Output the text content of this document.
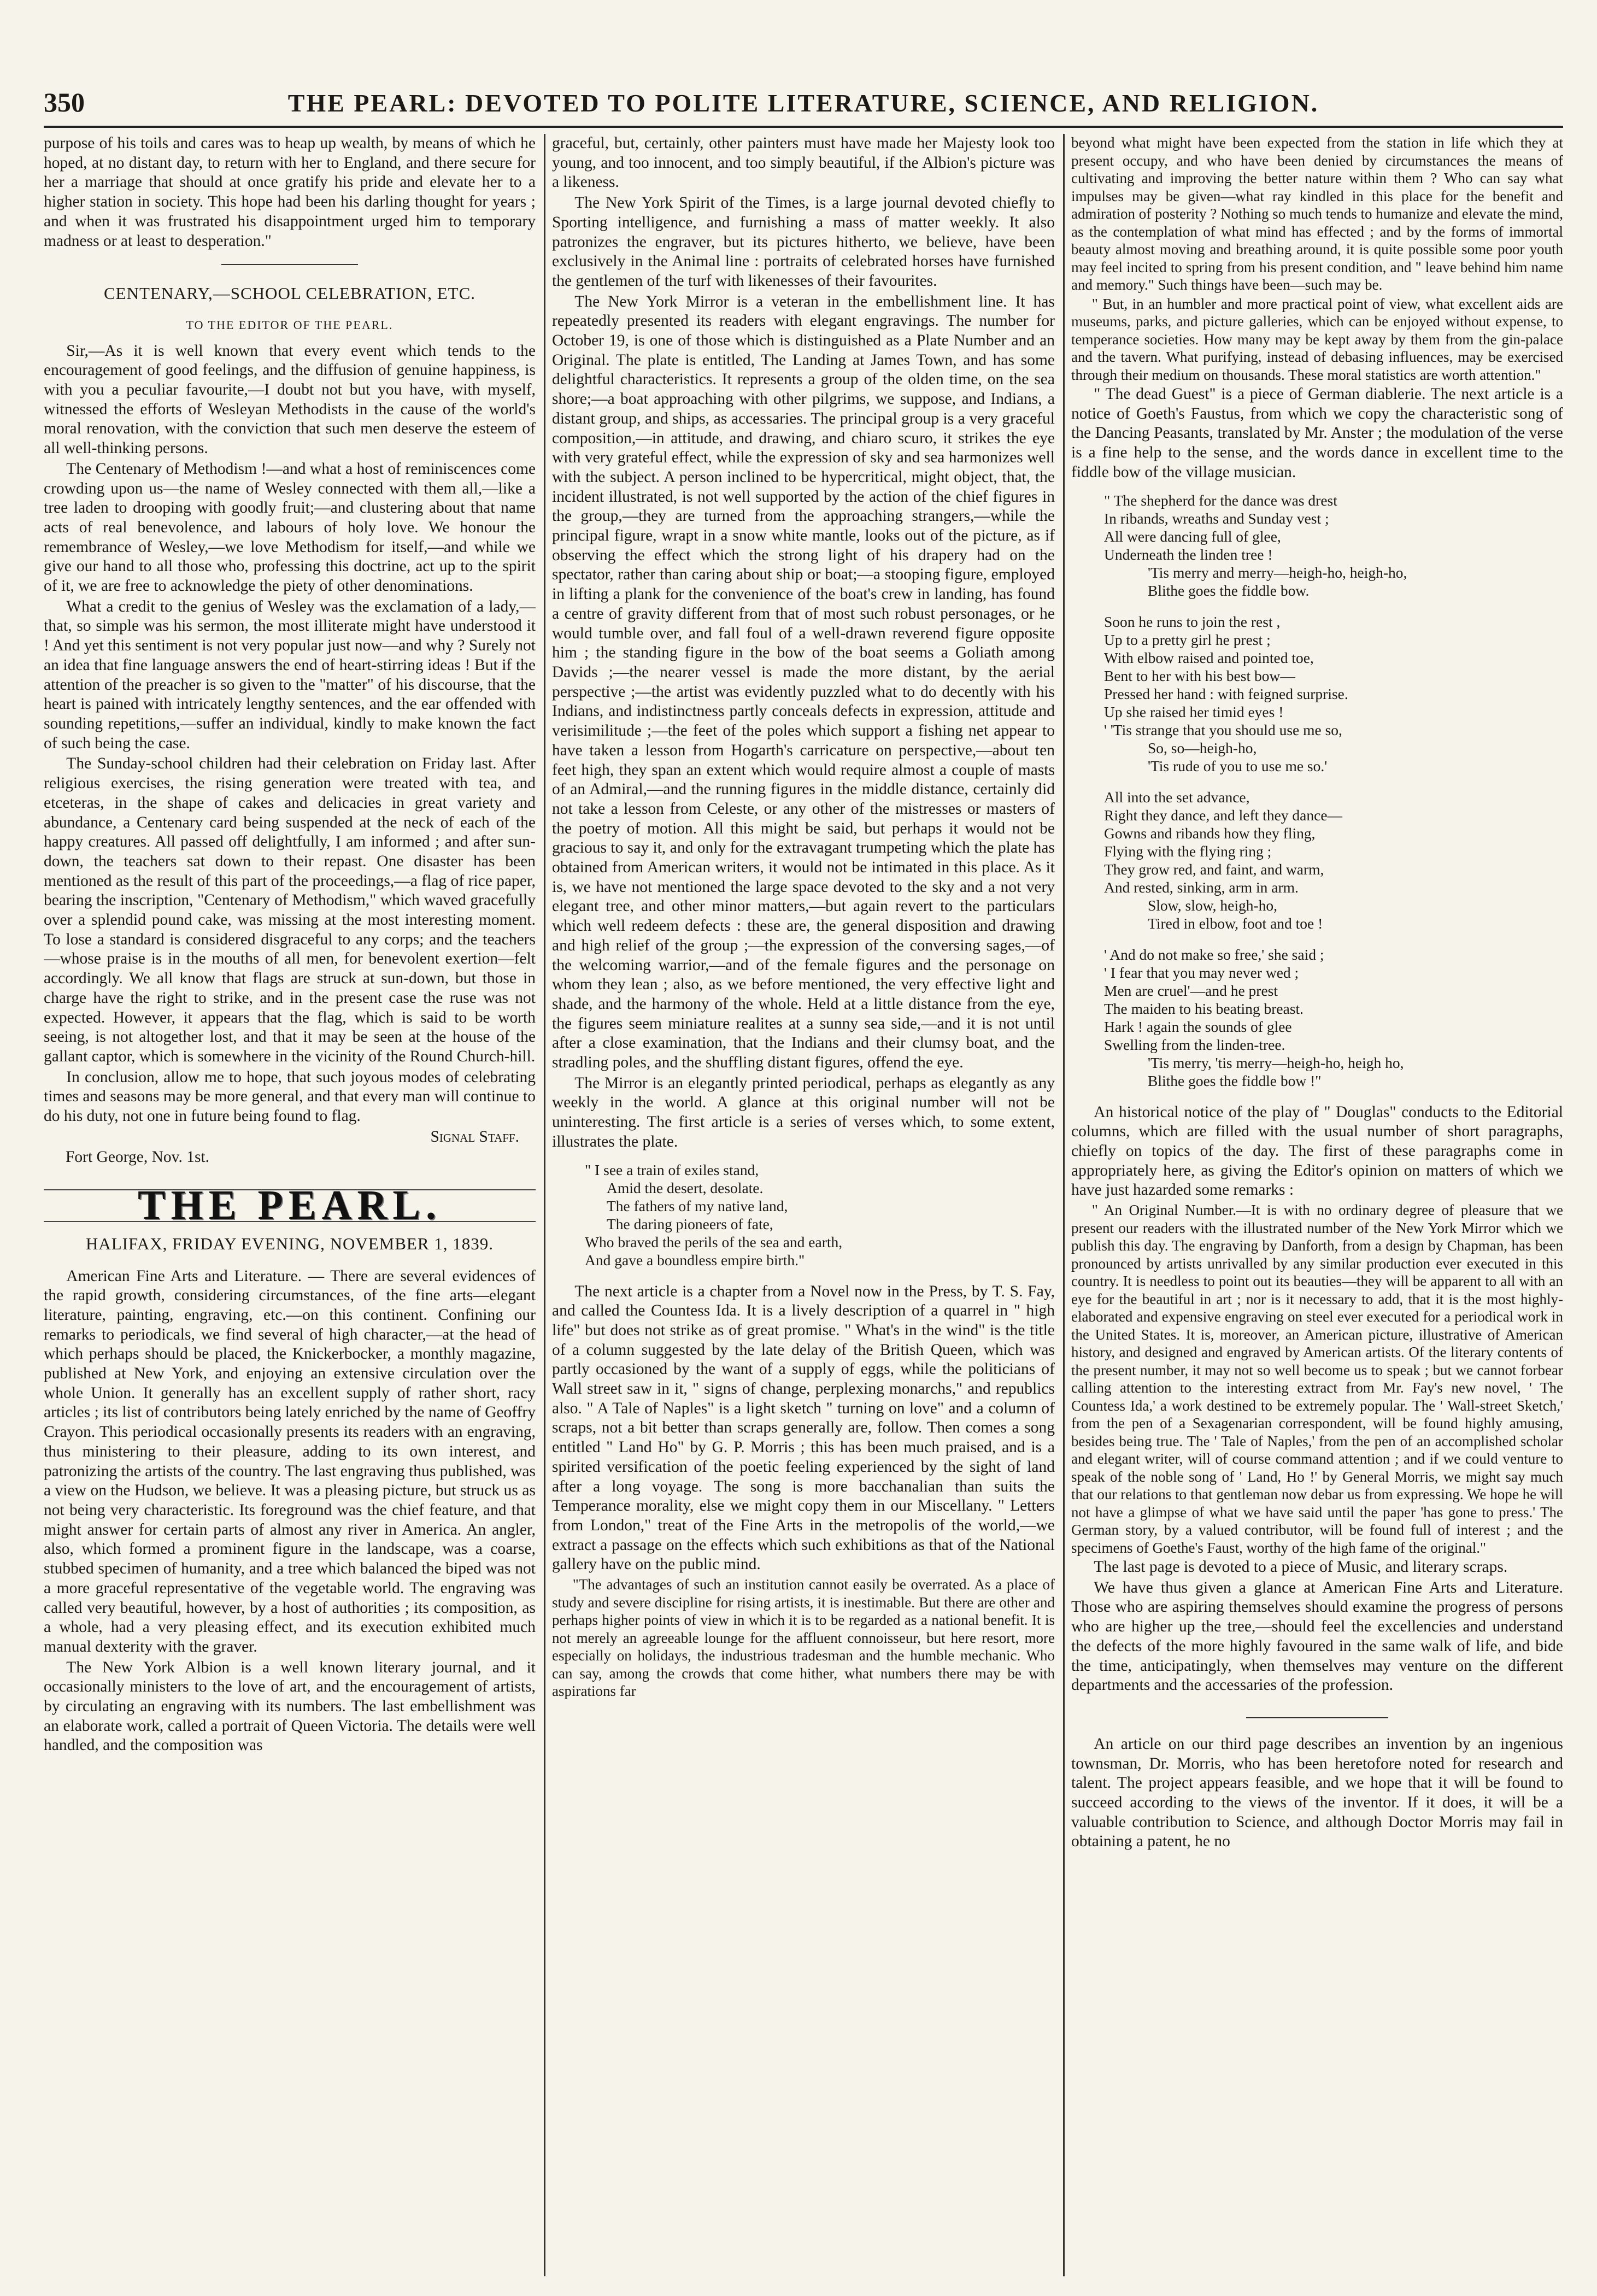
350	THE PEARL: DEVOTED TO POLITE LITERATURE, SCIENCE, AND RELIGION.

purpose of his toils and cares was to heap up wealth, by means of which he hoped, at no distant day, to return with her to England, and there secure for her a marriage that should at once gratify his pride and elevate her to a higher station in society. This hope had been his darling thought for years ; and when it was frustrated his disappointment urged him to temporary madness or at least to desperation."

CENTENARY,—SCHOOL CELEBRATION, ETC.

TO THE EDITOR OF THE PEARL.

Sir,—As it is well known that every event which tends to the encouragement of good feelings, and the diffusion of genuine happiness, is with you a peculiar favourite,—I doubt not but you have, with myself, witnessed the efforts of Wesleyan Methodists in the cause of the world's moral renovation, with the conviction that such men deserve the esteem of all well-thinking persons.

The Centenary of Methodism !—and what a host of reminiscences come crowding upon us—the name of Wesley connected with them all,—like a tree laden to drooping with goodly fruit;—and clustering about that name acts of real benevolence, and labours of holy love. We honour the remembrance of Wesley,—we love Methodism for itself,—and while we give our hand to all those who, professing this doctrine, act up to the spirit of it, we are free to acknowledge the piety of other denominations.

What a credit to the genius of Wesley was the exclamation of a lady,—that, so simple was his sermon, the most illiterate might have understood it ! And yet this sentiment is not very popular just now—and why ? Surely not an idea that fine language answers the end of heart-stirring ideas ! But if the attention of the preacher is so given to the "matter" of his discourse, that the heart is pained with intricately lengthy sentences, and the ear offended with sounding repetitions,—suffer an individual, kindly to make known the fact of such being the case.

The Sunday-school children had their celebration on Friday last. After religious exercises, the rising generation were treated with tea, and etceteras, in the shape of cakes and delicacies in great variety and abundance, a Centenary card being suspended at the neck of each of the happy creatures. All passed off delightfully, I am informed ; and after sun-down, the teachers sat down to their repast. One disaster has been mentioned as the result of this part of the proceedings,—a flag of rice paper, bearing the inscription, "Centenary of Methodism," which waved gracefully over a splendid pound cake, was missing at the most interesting moment. To lose a standard is considered disgraceful to any corps; and the teachers—whose praise is in the mouths of all men, for benevolent exertion—felt accordingly. We all know that flags are struck at sun-down, but those in charge have the right to strike, and in the present case the ruse was not expected. However, it appears that the flag, which is said to be worth seeing, is not altogether lost, and that it may be seen at the house of the gallant captor, which is somewhere in the vicinity of the Round Church-hill.

In conclusion, allow me to hope, that such joyous modes of celebrating times and seasons may be more general, and that every man will continue to do his duty, not one in future being found to flag.

Signal Staff.

Fort George, Nov. 1st.

THE PEARL.

HALIFAX, FRIDAY EVENING, NOVEMBER 1, 1839.

American Fine Arts and Literature. — There are several evidences of the rapid growth, considering circumstances, of the fine arts—elegant literature, painting, engraving, etc.—on this continent. Confining our remarks to periodicals, we find several of high character,—at the head of which perhaps should be placed, the Knickerbocker, a monthly magazine, published at New York, and enjoying an extensive circulation over the whole Union. It generally has an excellent supply of rather short, racy articles ; its list of contributors being lately enriched by the name of Geoffry Crayon. This periodical occasionally presents its readers with an engraving, thus ministering to their pleasure, adding to its own interest, and patronizing the artists of the country. The last engraving thus published, was a view on the Hudson, we believe. It was a pleasing picture, but struck us as not being very characteristic. Its foreground was the chief feature, and that might answer for certain parts of almost any river in America. An angler, also, which formed a prominent figure in the landscape, was a coarse, stubbed specimen of humanity, and a tree which balanced the biped was not a more graceful representative of the vegetable world. The engraving was called very beautiful, however, by a host of authorities ; its composition, as a whole, had a very pleasing effect, and its execution exhibited much manual dexterity with the graver.

The New York Albion is a well known literary journal, and it occasionally ministers to the love of art, and the encouragement of artists, by circulating an engraving with its numbers. The last embellishment was an elaborate work, called a portrait of Queen Victoria. The details were well handled, and the composition was

graceful, but, certainly, other painters must have made her Majesty look too young, and too innocent, and too simply beautiful, if the Albion's picture was a likeness.

The New York Spirit of the Times, is a large journal devoted chiefly to Sporting intelligence, and furnishing a mass of matter weekly. It also patronizes the engraver, but its pictures hitherto, we believe, have been exclusively in the Animal line : portraits of celebrated horses have furnished the gentlemen of the turf with likenesses of their favourites.

The New York Mirror is a veteran in the embellishment line. It has repeatedly presented its readers with elegant engravings. The number for October 19, is one of those which is distinguished as a Plate Number and an Original. The plate is entitled, The Landing at James Town, and has some delightful characteristics. It represents a group of the olden time, on the sea shore;—a boat approaching with other pilgrims, we suppose, and Indians, a distant group, and ships, as accessaries. The principal group is a very graceful composition,—in attitude, and drawing, and chiaro scuro, it strikes the eye with very grateful effect, while the expression of sky and sea harmonizes well with the subject. A person inclined to be hypercritical, might object, that, the incident illustrated, is not well supported by the action of the chief figures in the group,—they are turned from the approaching strangers,—while the principal figure, wrapt in a snow white mantle, looks out of the picture, as if observing the effect which the strong light of his drapery had on the spectator, rather than caring about ship or boat;—a stooping figure, employed in lifting a plank for the convenience of the boat's crew in landing, has found a centre of gravity different from that of most such robust personages, or he would tumble over, and fall foul of a well-drawn reverend figure opposite him ; the standing figure in the bow of the boat seems a Goliath among Davids ;—the nearer vessel is made the more distant, by the aerial perspective ;—the artist was evidently puzzled what to do decently with his Indians, and indistinctness partly conceals defects in expression, attitude and verisimilitude ;—the feet of the poles which support a fishing net appear to have taken a lesson from Hogarth's carricature on perspective,—about ten feet high, they span an extent which would require almost a couple of masts of an Admiral,—and the running figures in the middle distance, certainly did not take a lesson from Celeste, or any other of the mistresses or masters of the poetry of motion. All this might be said, but perhaps it would not be gracious to say it, and only for the extravagant trumpeting which the plate has obtained from American writers, it would not be intimated in this place. As it is, we have not mentioned the large space devoted to the sky and a not very elegant tree, and other minor matters,—but again revert to the particulars which well redeem defects : these are, the general disposition and drawing and high relief of the group ;—the expression of the conversing sages,—of the welcoming warrior,—and of the female figures and the personage on whom they lean ; also, as we before mentioned, the very effective light and shade, and the harmony of the whole. Held at a little distance from the eye, the figures seem miniature realites at a sunny sea side,—and it is not until after a close examination, that the Indians and their clumsy boat, and the stradling poles, and the shuffling distant figures, offend the eye.

The Mirror is an elegantly printed periodical, perhaps as elegantly as any weekly in the world. A glance at this original number will not be uninteresting. The first article is a series of verses which, to some extent, illustrates the plate.

" I see a train of exiles stand,
Amid the desert, desolate.
The fathers of my native land,
The daring pioneers of fate,
Who braved the perils of the sea and earth,
And gave a boundless empire birth."

The next article is a chapter from a Novel now in the Press, by T. S. Fay, and called the Countess Ida. It is a lively description of a quarrel in " high life" but does not strike as of great promise. " What's in the wind" is the title of a column suggested by the late delay of the British Queen, which was partly occasioned by the want of a supply of eggs, while the politicians of Wall street saw in it, " signs of change, perplexing monarchs," and republics also. " A Tale of Naples" is a light sketch " turning on love" and a column of scraps, not a bit better than scraps generally are, follow. Then comes a song entitled " Land Ho" by G. P. Morris ; this has been much praised, and is a spirited versification of the poetic feeling experienced by the sight of land after a long voyage. The song is more bacchanalian than suits the Temperance morality, else we might copy them in our Miscellany. " Letters from London," treat of the Fine Arts in the metropolis of the world,—we extract a passage on the effects which such exhibitions as that of the National gallery have on the public mind.

"The advantages of such an institution cannot easily be overrated. As a place of study and severe discipline for rising artists, it is inestimable. But there are other and perhaps higher points of view in which it is to be regarded as a national benefit. It is not merely an agreeable lounge for the affluent connoisseur, but here resort, more especially on holidays, the industrious tradesman and the humble mechanic. Who can say, among the crowds that come hither, what numbers there may be with aspirations far

beyond what might have been expected from the station in life which they at present occupy, and who have been denied by circumstances the means of cultivating and improving the better nature within them ? Who can say what impulses may be given—what ray kindled in this place for the benefit and admiration of posterity ? Nothing so much tends to humanize and elevate the mind, as the contemplation of what mind has effected ; and by the forms of immortal beauty almost moving and breathing around, it is quite possible some poor youth may feel incited to spring from his present condition, and " leave behind him name and memory." Such things have been—such may be.

" But, in an humbler and more practical point of view, what excellent aids are museums, parks, and picture galleries, which can be enjoyed without expense, to temperance societies. How many may be kept away by them from the gin-palace and the tavern. What purifying, instead of debasing influences, may be exercised through their medium on thousands. These moral statistics are worth attention."

" The dead Guest" is a piece of German diablerie. The next article is a notice of Goeth's Faustus, from which we copy the characteristic song of the Dancing Peasants, translated by Mr. Anster ; the modulation of the verse is a fine help to the sense, and the words dance in excellent time to the fiddle bow of the village musician.

" The shepherd for the dance was drest
In ribands, wreaths and Sunday vest ;
All were dancing full of glee,
Underneath the linden tree !
'Tis merry and merry—heigh-ho, heigh-ho,
Blithe goes the fiddle bow.
Soon he runs to join the rest ,
Up to a pretty girl he prest ;
With elbow raised and pointed toe,
Bent to her with his best bow—
Pressed her hand : with feigned surprise.
Up she raised her timid eyes !
' 'Tis strange that you should use me so,
So, so—heigh-ho,
'Tis rude of you to use me so.'
All into the set advance,
Right they dance, and left they dance—
Gowns and ribands how they fling,
Flying with the flying ring ;
They grow red, and faint, and warm,
And rested, sinking, arm in arm.
Slow, slow, heigh-ho,
Tired in elbow, foot and toe !
' And do not make so free,' she said ;
' I fear that you may never wed ;
Men are cruel'—and he prest
The maiden to his beating breast.
Hark ! again the sounds of glee
Swelling from the linden-tree.
'Tis merry, 'tis merry—heigh-ho, heigh ho,
Blithe goes the fiddle bow !"

An historical notice of the play of " Douglas" conducts to the Editorial columns, which are filled with the usual number of short paragraphs, chiefly on topics of the day. The first of these paragraphs come in appropriately here, as giving the Editor's opinion on matters of which we have just hazarded some remarks :

" An Original Number.—It is with no ordinary degree of pleasure that we present our readers with the illustrated number of the New York Mirror which we publish this day. The engraving by Danforth, from a design by Chapman, has been pronounced by artists unrivalled by any similar production ever executed in this country. It is needless to point out its beauties—they will be apparent to all with an eye for the beautiful in art ; nor is it necessary to add, that it is the most highly-elaborated and expensive engraving on steel ever executed for a periodical work in the United States. It is, moreover, an American picture, illustrative of American history, and designed and engraved by American artists. Of the literary contents of the present number, it may not so well become us to speak ; but we cannot forbear calling attention to the interesting extract from Mr. Fay's new novel, ' The Countess Ida,' a work destined to be extremely popular. The ' Wall-street Sketch,' from the pen of a Sexagenarian correspondent, will be found highly amusing, besides being true. The ' Tale of Naples,' from the pen of an accomplished scholar and elegant writer, will of course command attention ; and if we could venture to speak of the noble song of ' Land, Ho !' by General Morris, we might say much that our relations to that gentleman now debar us from expressing. We hope he will not have a glimpse of what we have said until the paper 'has gone to press.' The German story, by a valued contributor, will be found full of interest ; and the specimens of Goethe's Faust, worthy of the high fame of the original."

The last page is devoted to a piece of Music, and literary scraps.

We have thus given a glance at American Fine Arts and Literature. Those who are aspiring themselves should examine the progress of persons who are higher up the tree,—should feel the excellencies and understand the defects of the more highly favoured in the same walk of life, and bide the time, anticipatingly, when themselves may venture on the different departments and the accessaries of the profession.

An article on our third page describes an invention by an ingenious townsman, Dr. Morris, who has been heretofore noted for research and talent. The project appears feasible, and we hope that it will be found to succeed according to the views of the inventor. If it does, it will be a valuable contribution to Science, and although Doctor Morris may fail in obtaining a patent, he no
